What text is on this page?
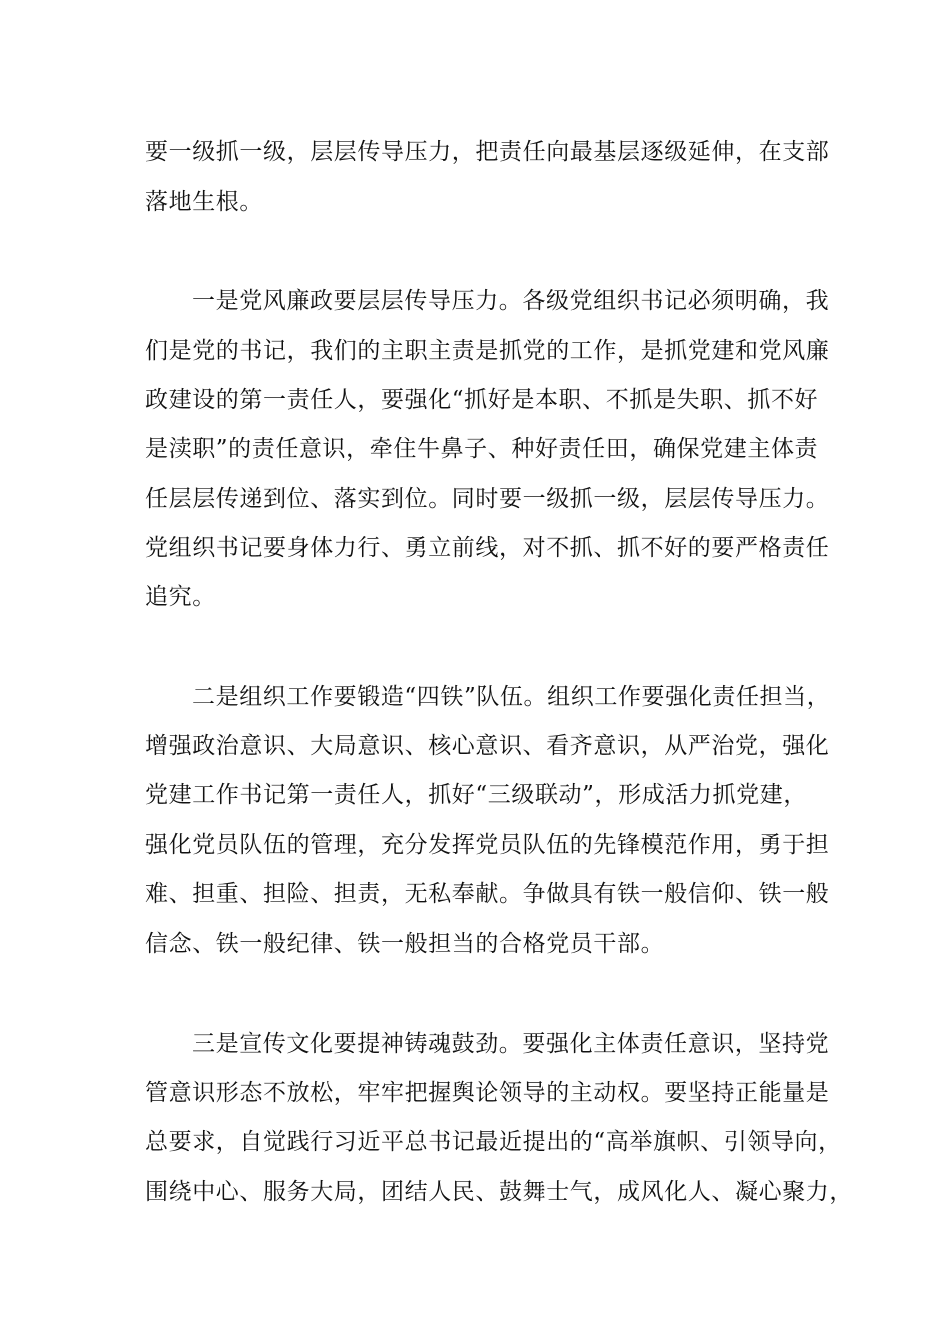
要一级抓一级，层层传导压力，把责任向最基层逐级延伸，在支部
落地生根。
一是党风廉政要层层传导压力。各级党组织书记必须明确，我
们是党的书记，我们的主职主责是抓党的工作，是抓党建和党风廉
政建设的第一责任人，要强化“抓好是本职、不抓是失职、抓不好
是渎职”的责任意识，牵住牛鼻子、种好责任田，确保党建主体责
任层层传递到位、落实到位。同时要一级抓一级，层层传导压力。
党组织书记要身体力行、勇立前线，对不抓、抓不好的要严格责任
追究。
二是组织工作要锻造“四铁”队伍。组织工作要强化责任担当，
增强政治意识、大局意识、核心意识、看齐意识，从严治党，强化
党建工作书记第一责任人，抓好“三级联动”，形成活力抓党建，
强化党员队伍的管理，充分发挥党员队伍的先锋模范作用，勇于担
难、担重、担险、担责，无私奉献。争做具有铁一般信仰、铁一般
信念、铁一般纪律、铁一般担当的合格党员干部。
三是宣传文化要提神铸魂鼓劲。要强化主体责任意识，坚持党
管意识形态不放松，牢牢把握舆论领导的主动权。要坚持正能量是
总要求，自觉践行习近平总书记最近提出的“高举旗帜、引领导向，
围绕中心、服务大局，团结人民、鼓舞士气，成风化人、凝心聚力，
